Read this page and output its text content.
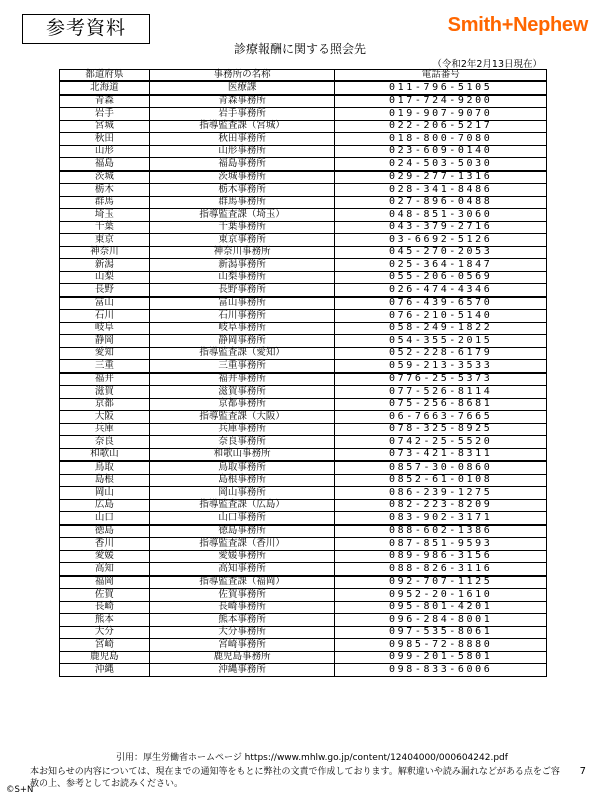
参考資料	Smith+Nephew
診療報酬に関する照会先
（令和2年2月13日現在）
都道府県	事務所の名称	電話番号
北海道	医療課	011-796-5105
青森	青森事務所	017-724-9200
岩手	岩手事務所	019-907-9070
宮城	指導監査課（宮城）	022-206-5217
秋田	秋田事務所	018-800-7080
山形	山形事務所	023-609-0140
福島	福島事務所	024-503-5030
茨城	茨城事務所	029-277-1316
栃木	栃木事務所	028-341-8486
群馬	群馬事務所	027-896-0488
埼玉	指導監査課（埼玉）	048-851-3060
千葉	千葉事務所	043-379-2716
東京	東京事務所	03-6692-5126
神奈川	神奈川事務所	045-270-2053
新潟	新潟事務所	025-364-1847
山梨	山梨事務所	055-206-0569
長野	長野事務所	026-474-4346
富山	富山事務所	076-439-6570
石川	石川事務所	076-210-5140
岐阜	岐阜事務所	058-249-1822
静岡	静岡事務所	054-355-2015
愛知	指導監査課（愛知）	052-228-6179
三重	三重事務所	059-213-3533
福井	福井事務所	0776-25-5373
滋賀	滋賀事務所	077-526-8114
京都	京都事務所	075-256-8681
大阪	指導監査課（大阪）	06-7663-7665
兵庫	兵庫事務所	078-325-8925
奈良	奈良事務所	0742-25-5520
和歌山	和歌山事務所	073-421-8311
鳥取	鳥取事務所	0857-30-0860
島根	島根事務所	0852-61-0108
岡山	岡山事務所	086-239-1275
広島	指導監査課（広島）	082-223-8209
山口	山口事務所	083-902-3171
徳島	徳島事務所	088-602-1386
香川	指導監査課（香川）	087-851-9593
愛媛	愛媛事務所	089-986-3156
高知	高知事務所	088-826-3116
福岡	指導監査課（福岡）	092-707-1125
佐賀	佐賀事務所	0952-20-1610
長崎	長崎事務所	095-801-4201
熊本	熊本事務所	096-284-8001
大分	大分事務所	097-535-8061
宮崎	宮崎事務所	0985-72-8880
鹿児島	鹿児島事務所	099-201-5801
沖縄	沖縄事務所	098-833-6006
引用：厚生労働省ホームページ https://www.mhlw.go.jp/content/12404000/000604242.pdf
本お知らせの内容については、現在までの通知等をもとに弊社の文責で作成しております。解釈違いや読み漏れなどがある点をご容赦の上、参考としてお読みください。
7
©S+N
